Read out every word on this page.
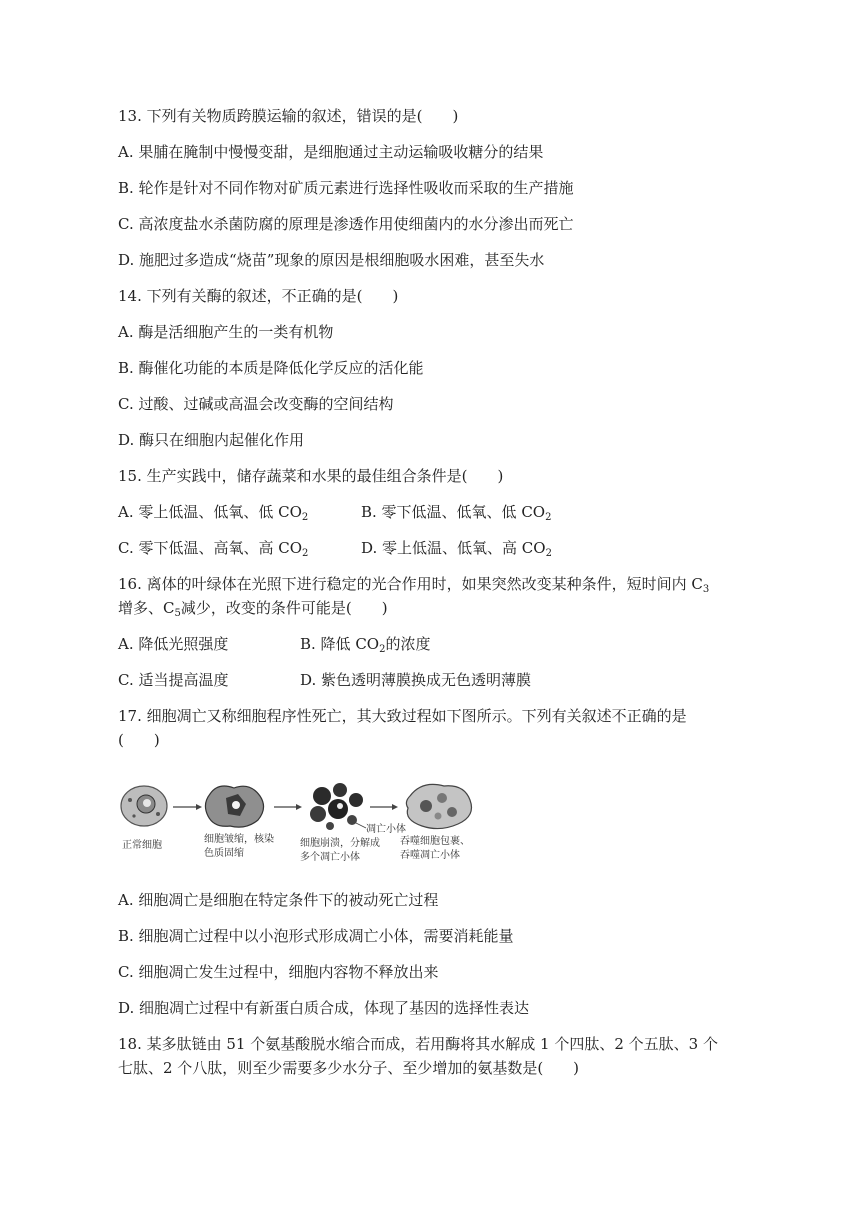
13. 下列有关物质跨膜运输的叙述，错误的是(　　)
A. 果脯在腌制中慢慢变甜，是细胞通过主动运输吸收糖分的结果
B. 轮作是针对不同作物对矿质元素进行选择性吸收而采取的生产措施
C. 高浓度盐水杀菌防腐的原理是渗透作用使细菌内的水分渗出而死亡
D. 施肥过多造成“烧苗”现象的原因是根细胞吸水困难，甚至失水
14. 下列有关酶的叙述，不正确的是(　　)
A. 酶是活细胞产生的一类有机物
B. 酶催化功能的本质是降低化学反应的活化能
C. 过酸、过碱或高温会改变酶的空间结构
D. 酶只在细胞内起催化作用
15. 生产实践中，储存蔬菜和水果的最佳组合条件是(　　)
A. 零上低温、低氧、低 $CO_2$	B. 零下低温、低氧、低 $CO_2$
C. 零下低温、高氧、高 $CO_2$	D. 零上低温、低氧、高 $CO_2$
16. 离体的叶绿体在光照下进行稳定的光合作用时，如果突然改变某种条件，短时间内 $C_3$
增多、$C_5$减少，改变的条件可能是(　　)
A. 降低光照强度	B. 降低 $CO_2$的浓度
C. 适当提高温度	D. 紫色透明薄膜换成无色透明薄膜
17. 细胞凋亡又称细胞程序性死亡，其大致过程如下图所示。下列有关叙述不正确的是
(　　)
凋亡小体
正常细胞
细胞皱缩，核染
色质固缩
细胞崩溃，分解成
多个凋亡小体
吞噬细胞包裹、
吞噬凋亡小体
A. 细胞凋亡是细胞在特定条件下的被动死亡过程
B. 细胞凋亡过程中以小泡形式形成凋亡小体，需要消耗能量
C. 细胞凋亡发生过程中，细胞内容物不释放出来
D. 细胞凋亡过程中有新蛋白质合成，体现了基因的选择性表达
18. 某多肽链由 51 个氨基酸脱水缩合而成，若用酶将其水解成 1 个四肽、2 个五肽、3 个
七肽、2 个八肽，则至少需要多少水分子、至少增加的氨基数是(　　)
